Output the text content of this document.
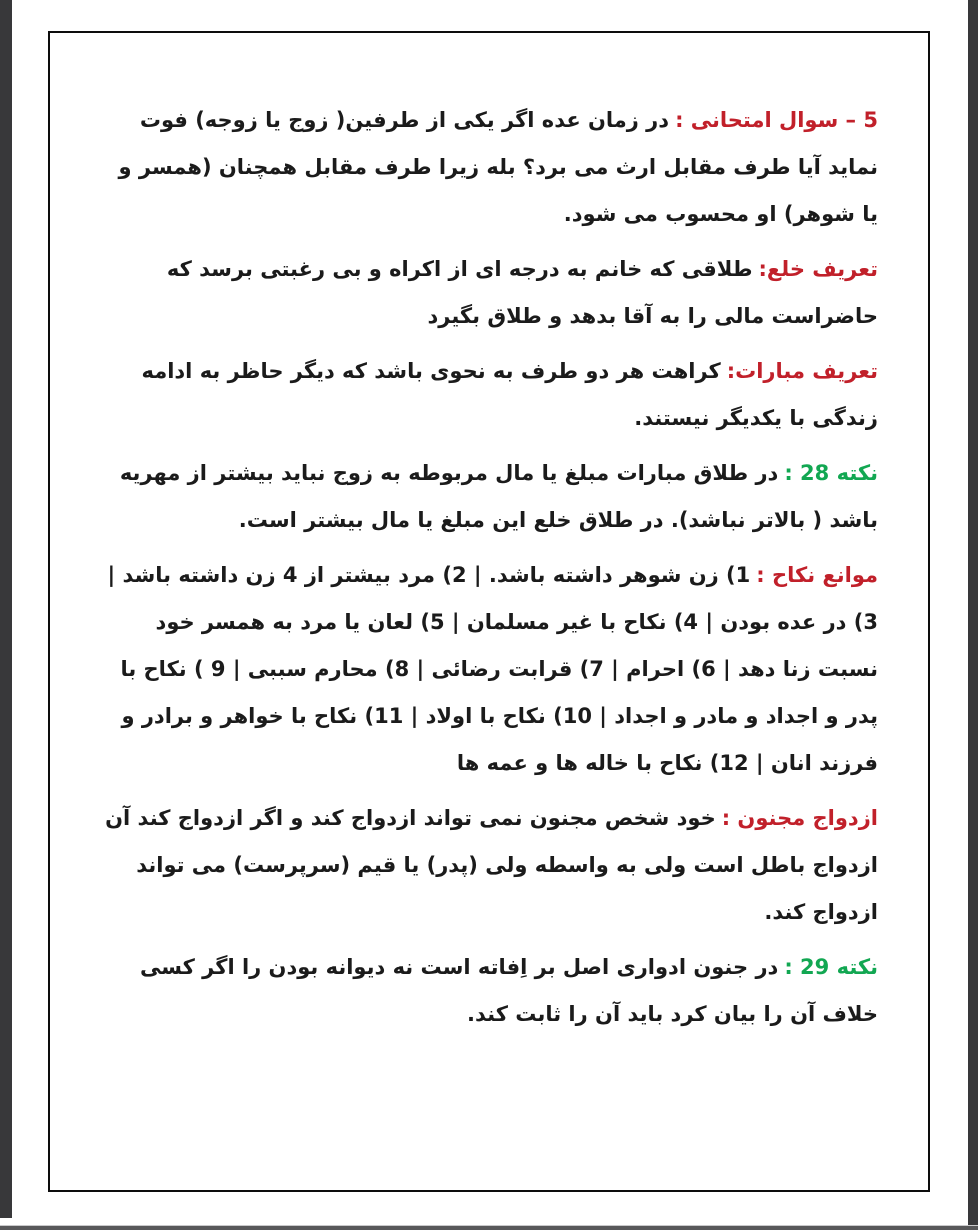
5 – سوال امتحانی :در زمان عده اگر یکی از طرفین( زوج یا زوجه) فوت نماید آیا طرف مقابل ارث می برد؟ بله زیرا طرف مقابل همچنان (همسر و یا شوهر) او محسوب می شود.

تعریف خلع:طلاقی که خانم به درجه ای از اکراه و بی رغبتی برسد که حاضراست مالی را به آقا بدهد و طلاق بگیرد

تعریف مبارات:کراهت هر دو طرف به نحوی باشد که دیگر حاظر به ادامه زندگی با یکدیگر نیستند.

نکته 28 :در طلاق مبارات مبلغ یا مال مربوطه به زوج نباید بیشتر از مهریه باشد ( بالاتر نباشد). در طلاق خلع این مبلغ یا مال بیشتر است.

موانع نکاح :1) زن شوهر داشته باشد. | 2) مرد بیشتر از 4 زن داشته باشد | 3) در عده بودن | 4) نکاح با غیر مسلمان | 5) لعان یا مرد به همسر خود نسبت زنا دهد | 6) احرام | 7) قرابت رضائی | 8) محارم سببی | 9 ) نکاح با پدر و اجداد و مادر و اجداد | 10) نکاح با اولاد | 11) نکاح با خواهر و برادر و فرزند انان | 12) نکاح با خاله ها و عمه ها

ازدواج مجنون :خود شخص مجنون نمی تواند ازدواج کند و اگر ازدواج کند آن ازدواج باطل است ولی به واسطه ولی (پدر) یا قیم (سرپرست) می تواند ازدواج کند.

نکته 29 :در جنون ادواری اصل بر اِفاته است نه دیوانه بودن را اگر کسی خلاف آن را بیان کرد باید آن را ثابت کند.
